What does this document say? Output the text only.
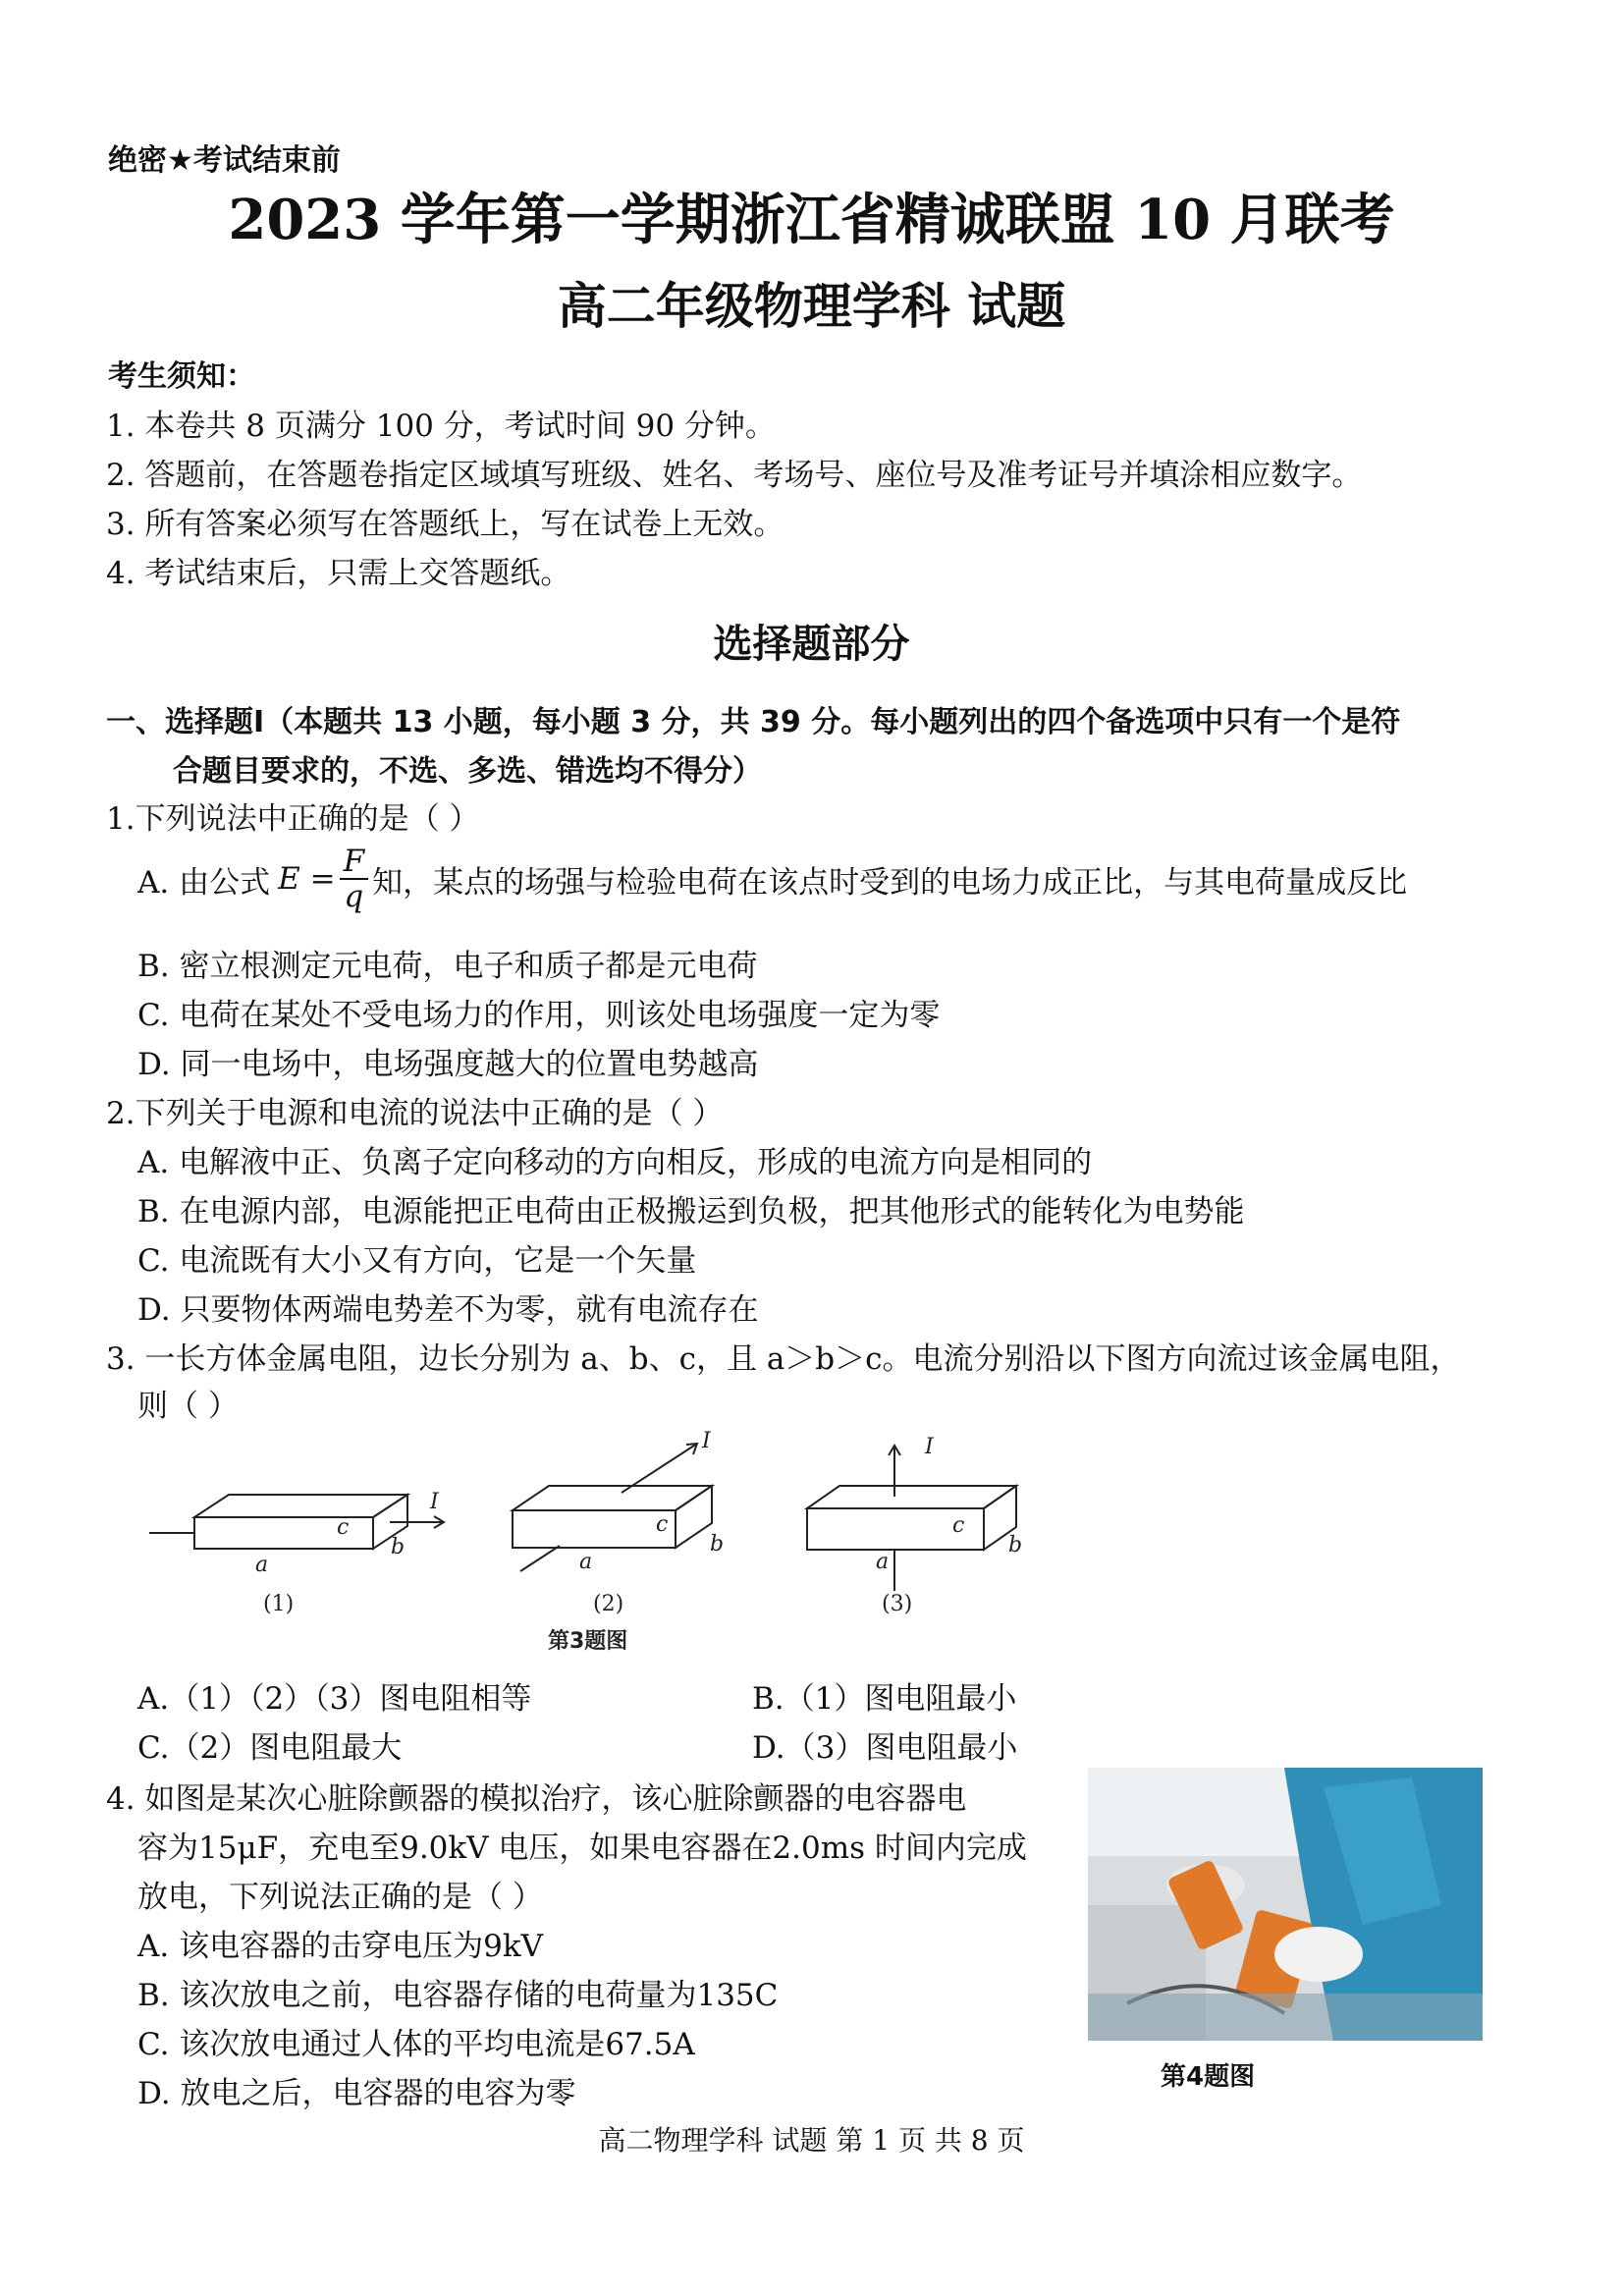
绝密★考试结束前
2023 学年第一学期浙江省精诚联盟 10 月联考
高二年级物理学科 试题
考生须知：
1. 本卷共 8 页满分 100 分，考试时间 90 分钟。
2. 答题前，在答题卷指定区域填写班级、姓名、考场号、座位号及准考证号并填涂相应数字。
3. 所有答案必须写在答题纸上，写在试卷上无效。
4. 考试结束后，只需上交答题纸。
选择题部分
一、选择题Ⅰ（本题共 13 小题，每小题 3 分，共 39 分。每小题列出的四个备选项中只有一个是符
合题目要求的，不选、多选、错选均不得分）
1.下列说法中正确的是（ ）
A. 由公式 $E = \frac{F}{q}$ 知，某点的场强与检验电荷在该点时受到的电场力成正比，与其电荷量成反比
B. 密立根测定元电荷，电子和质子都是元电荷
C. 电荷在某处不受电场力的作用，则该处电场强度一定为零
D. 同一电场中，电场强度越大的位置电势越高
2.下列关于电源和电流的说法中正确的是（ ）
A. 电解液中正、负离子定向移动的方向相反，形成的电流方向是相同的
B. 在电源内部，电源能把正电荷由正极搬运到负极，把其他形式的能转化为电势能
C. 电流既有大小又有方向，它是一个矢量
D. 只要物体两端电势差不为零，就有电流存在
3. 一长方体金属电阻，边长分别为 a、b、c，且 a＞b＞c。电流分别沿以下图方向流过该金属电阻，
则（ ）
I
a
b
c
I
a
b
c
I
a
b
c
(1)	(2)	(3)
第3题图
A.（1）（2）（3）图电阻相等	B.（1）图电阻最小
C.（2）图电阻最大	D.（3）图电阻最小
4. 如图是某次心脏除颤器的模拟治疗，该心脏除颤器的电容器电
容为15μF，充电至9.0kV 电压，如果电容器在2.0ms 时间内完成
放电，下列说法正确的是（ ）
A. 该电容器的击穿电压为9kV
B. 该次放电之前，电容器存储的电荷量为135C
C. 该次放电通过人体的平均电流是67.5A
D. 放电之后，电容器的电容为零	第4题图
高二物理学科 试题 第 1 页 共 8 页
